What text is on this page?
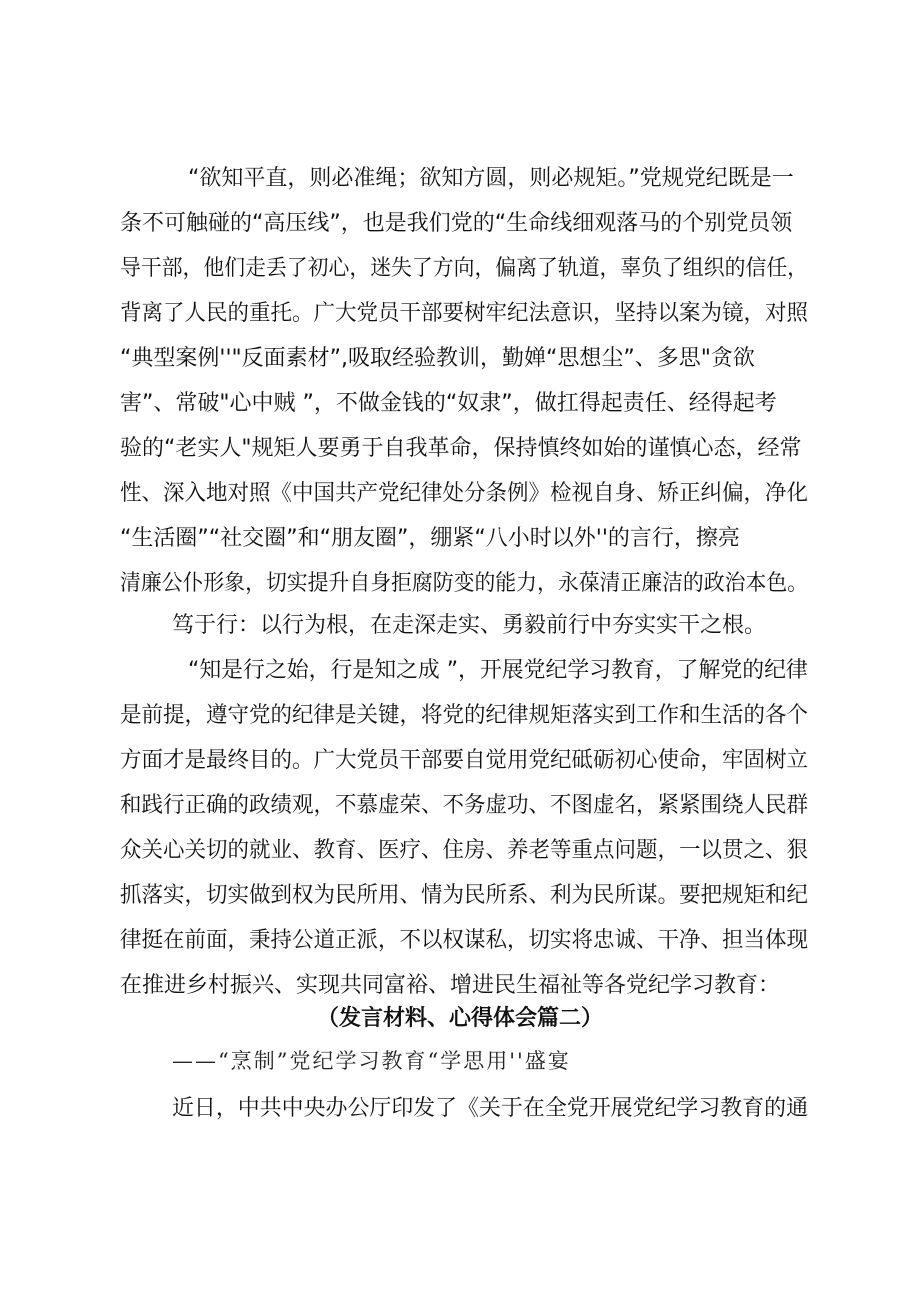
“欲知平直，则必准绳；欲知方圆，则必规矩。”党规党纪既是一
条不可触碰的“高压线”，也是我们党的“生命线细观落马的个别党员领
导干部，他们走丢了初心，迷失了方向，偏离了轨道，辜负了组织的信任，
背离了人民的重托。广大党员干部要树牢纪法意识，坚持以案为镜，对照
“典型案例''"反面素材”,吸取经验教训，勤婵“思想尘”、多思"贪欲
害”、常破"心中贼 ”，不做金钱的“奴隶”，做扛得起责任、经得起考
验的“老实人"规矩人要勇于自我革命，保持慎终如始的谨慎心态，经常
性、深入地对照《中国共产党纪律处分条例》检视自身、矫正纠偏，净化
“生活圈”“社交圈”和“朋友圈”，绷紧“八小时以外''的言行，擦亮
清廉公仆形象，切实提升自身拒腐防变的能力，永葆清正廉洁的政治本色。
笃于行：以行为根，在走深走实、勇毅前行中夯实实干之根。
“知是行之始，行是知之成 ”，开展党纪学习教育，了解党的纪律
是前提，遵守党的纪律是关键，将党的纪律规矩落实到工作和生活的各个
方面才是最终目的。广大党员干部要自觉用党纪砥砺初心使命，牢固树立
和践行正确的政绩观，不慕虚荣、不务虚功、不图虚名，紧紧围绕人民群
众关心关切的就业、教育、医疗、住房、养老等重点问题，一以贯之、狠
抓落实，切实做到权为民所用、情为民所系、利为民所谋。要把规矩和纪
律挺在前面，秉持公道正派，不以权谋私，切实将忠诚、干净、担当体现
在推进乡村振兴、实现共同富裕、增进民生福祉等各党纪学习教育：
（发言材料、心得体会篇二）
——“烹制”党纪学习教育“学思用''盛宴
近日，中共中央办公厅印发了《关于在全党开展党纪学习教育的通
